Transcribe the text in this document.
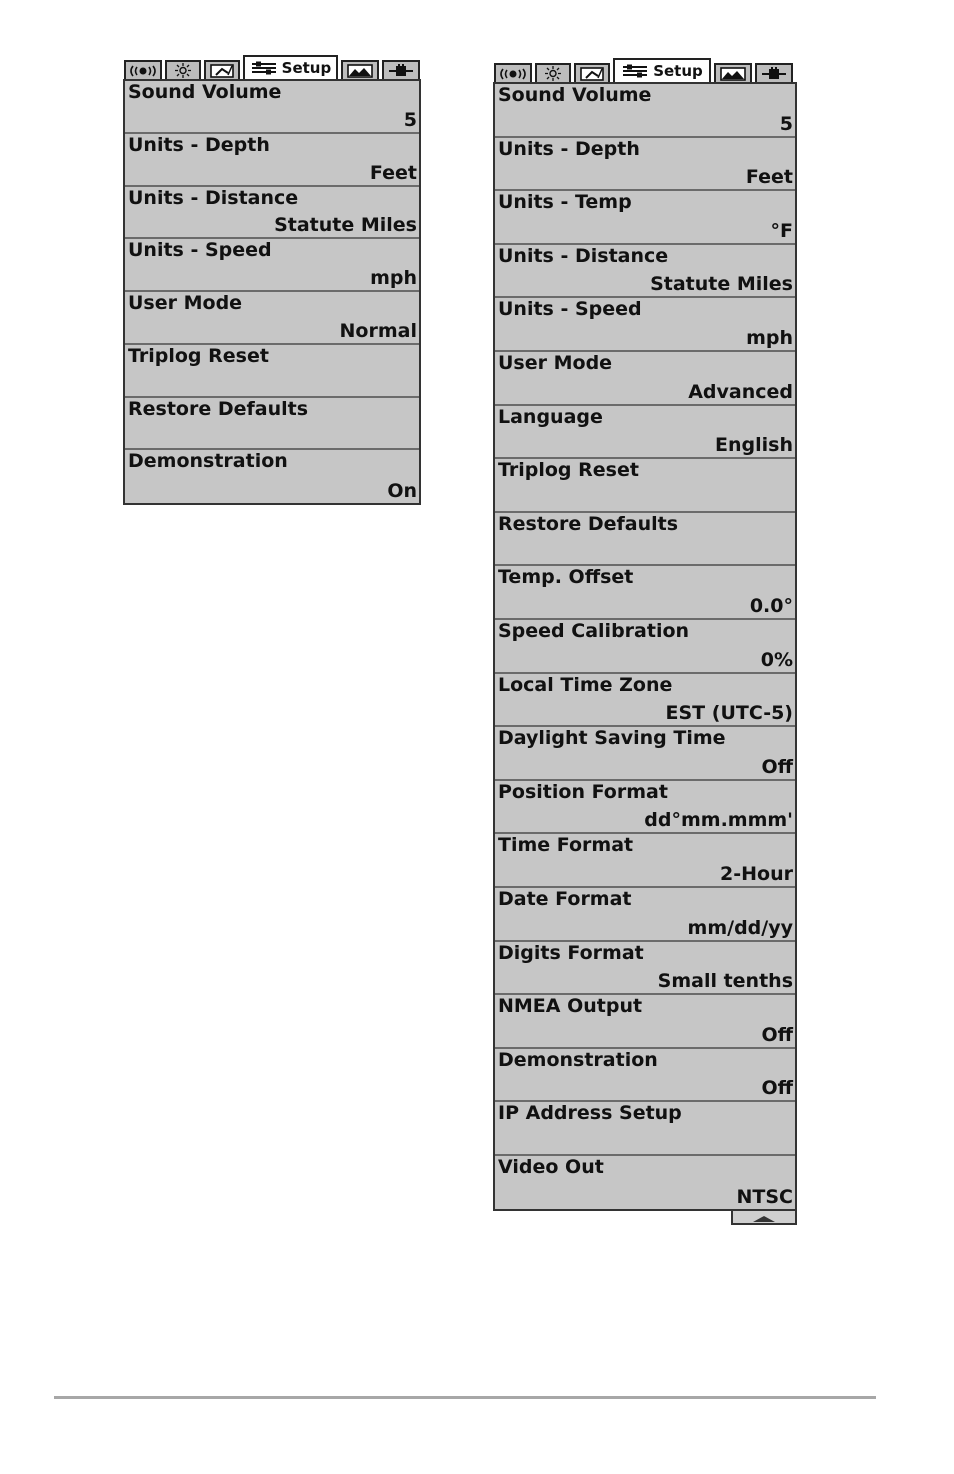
Setup
Sound Volume
5
Units - Depth
Feet
Units - Distance
Statute Miles
Units - Speed
mph
User Mode
Normal
Triplog Reset
Restore Defaults
Demonstration
On
Setup
Sound Volume
5
Units - Depth
Feet
Units - Temp
°F
Units - Distance
Statute Miles
Units - Speed
mph
User Mode
Advanced
Language
English
Triplog Reset
Restore Defaults
Temp. Offset
0.0°
Speed Calibration
0%
Local Time Zone
EST (UTC-5)
Daylight Saving Time
Off
Position Format
dd°mm.mmm'
Time Format
2-Hour
Date Format
mm/dd/yy
Digits Format
Small tenths
NMEA Output
Off
Demonstration
Off
IP Address Setup
Video Out
NTSC
